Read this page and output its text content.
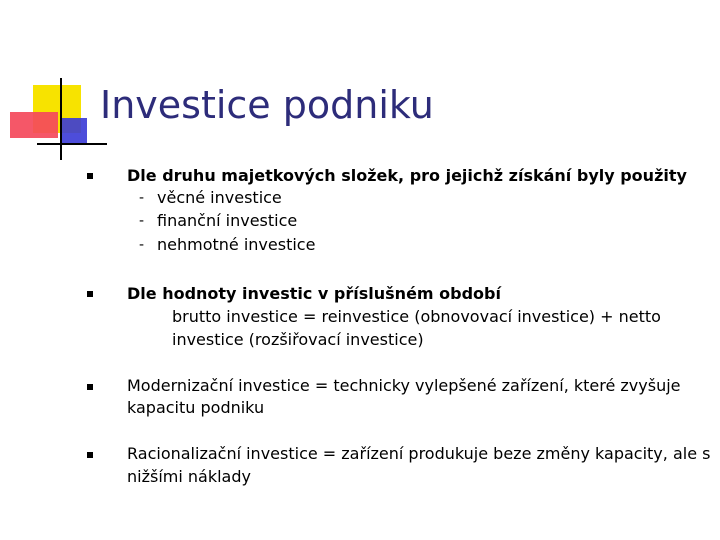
Investice podniku
Dle druhu majetkových složek, pro jejichž získání byly použity
- věcné investice
- finanční investice
- nehmotné investice
Dle hodnoty investic v příslušném období
brutto investice = reinvestice (obnovovací investice) + netto
investice (rozšiřovací investice)
Modernizační investice = technicky vylepšené zařízení, které zvyšuje
kapacitu podniku
Racionalizační investice = zařízení produkuje beze změny kapacity, ale s
nižšími náklady
